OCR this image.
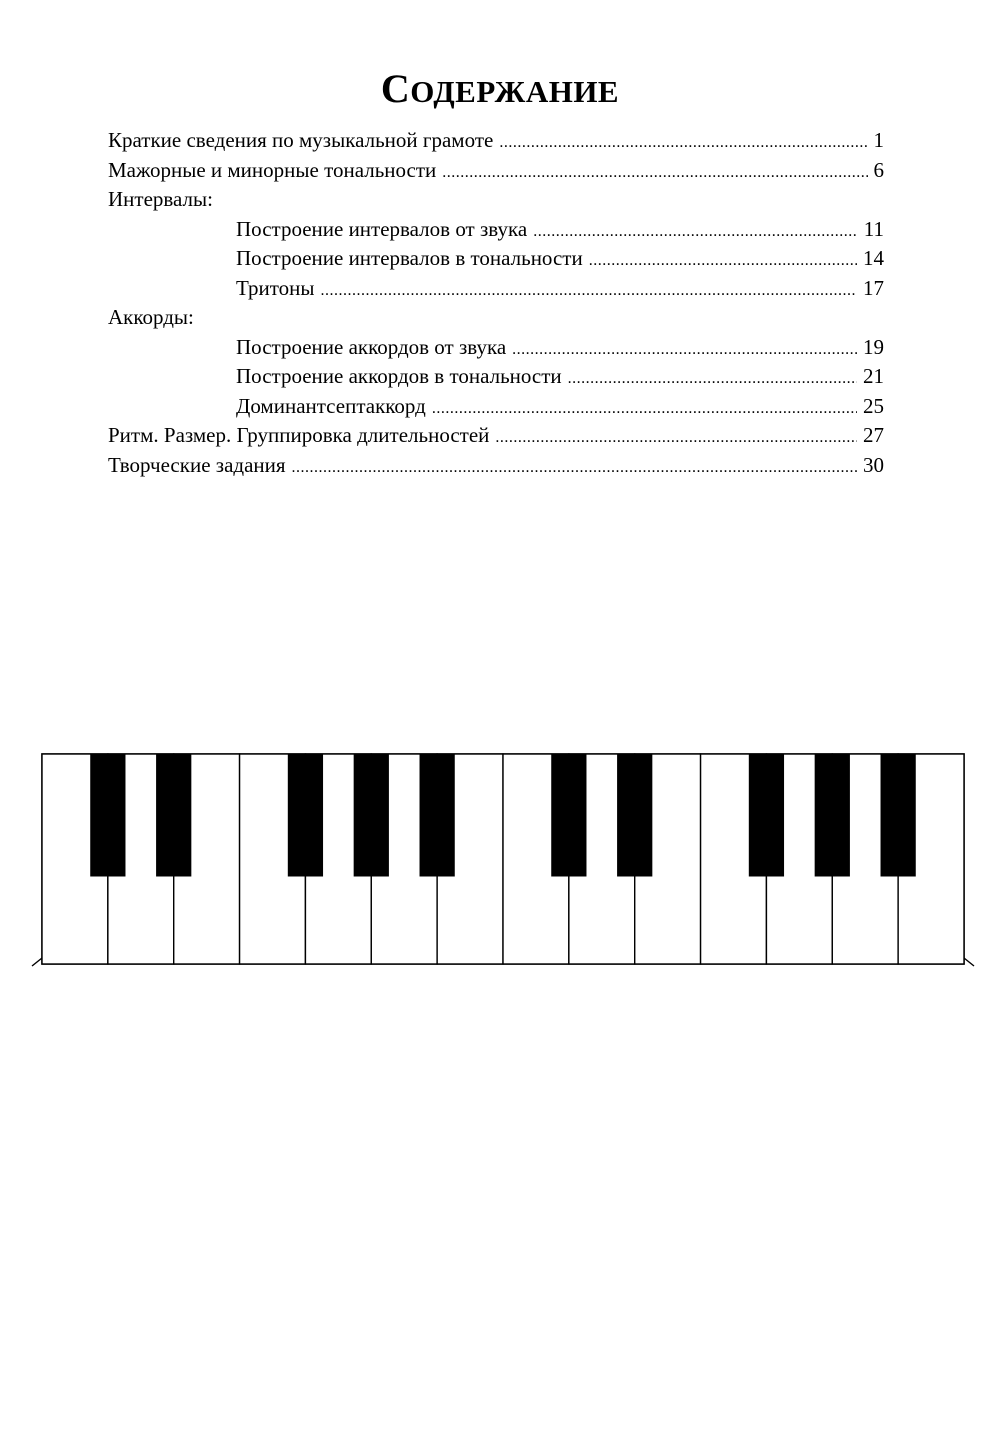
СОДЕРЖАНИЕ
Краткие сведения по музыкальной грамоте .....	1
Мажорные и минорные тональности .....	6
Интервалы:
Построение интервалов от звука .....	11
Построение интервалов в тональности .....	14
Тритоны .....	17
Аккорды:
Построение аккордов от звука .....	19
Построение аккордов в тональности .....	21
Доминантсептаккорд .....	25
Ритм. Размер. Группировка длительностей .....	27
Творческие задания .....	30
